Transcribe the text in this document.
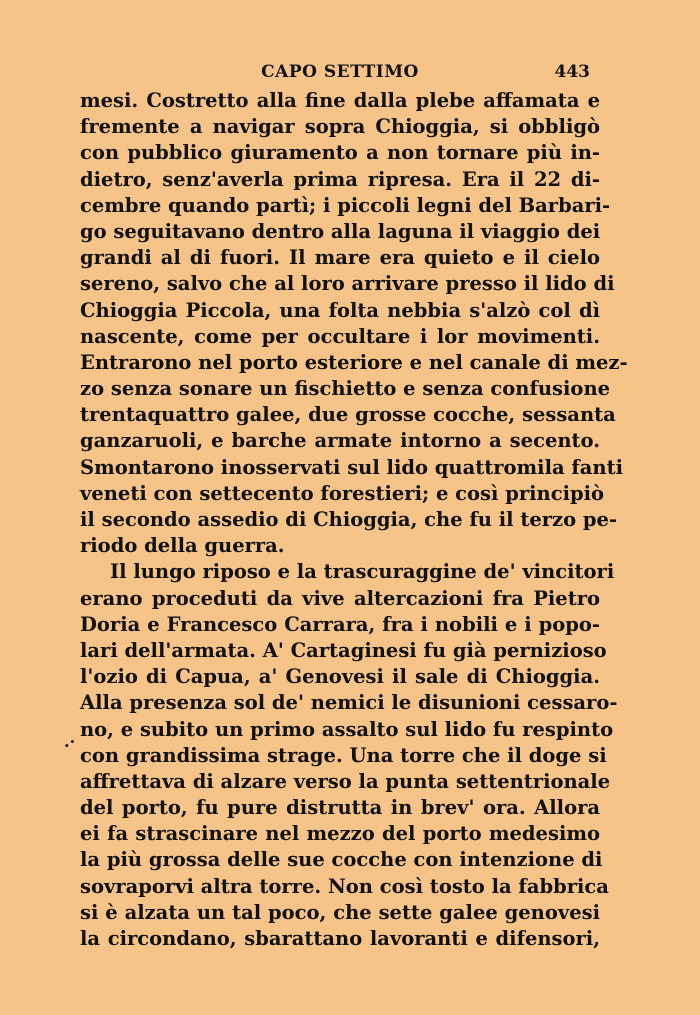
CAPO SETTIMO	443
.·
mesi. Costretto alla fine dalla plebe affamata e
fremente a navigar sopra Chioggia, si obbligò
con pubblico giuramento a non tornare più in-
dietro, senz'averla prima ripresa. Era il 22 di-
cembre quando partì; i piccoli legni del Barbari-
go seguitavano dentro alla laguna il viaggio dei
grandi al di fuori. Il mare era quieto e il cielo
sereno, salvo che al loro arrivare presso il lido di
Chioggia Piccola, una folta nebbia s'alzò col dì
nascente, come per occultare i lor movimenti.
Entrarono nel porto esteriore e nel canale di mez-
zo senza sonare un fischietto e senza confusione
trentaquattro galee, due grosse cocche, sessanta
ganzaruoli, e barche armate intorno a secento.
Smontarono inosservati sul lido quattromila fanti
veneti con settecento forestieri; e così principiò
il secondo assedio di Chioggia, che fu il terzo pe-
riodo della guerra.
Il lungo riposo e la trascuraggine de' vincitori
erano proceduti da vive altercazioni fra Pietro
Doria e Francesco Carrara, fra i nobili e i popo-
lari dell'armata. A' Cartaginesi fu già pernizioso
l'ozio di Capua, a' Genovesi il sale di Chioggia.
Alla presenza sol de' nemici le disunioni cessaro-
no, e subito un primo assalto sul lido fu respinto
con grandissima strage. Una torre che il doge si
affrettava di alzare verso la punta settentrionale
del porto, fu pure distrutta in brev' ora. Allora
ei fa strascinare nel mezzo del porto medesimo
la più grossa delle sue cocche con intenzione di
sovraporvi altra torre. Non così tosto la fabbrica
si è alzata un tal poco, che sette galee genovesi
la circondano, sbarattano lavoranti e difensori,
